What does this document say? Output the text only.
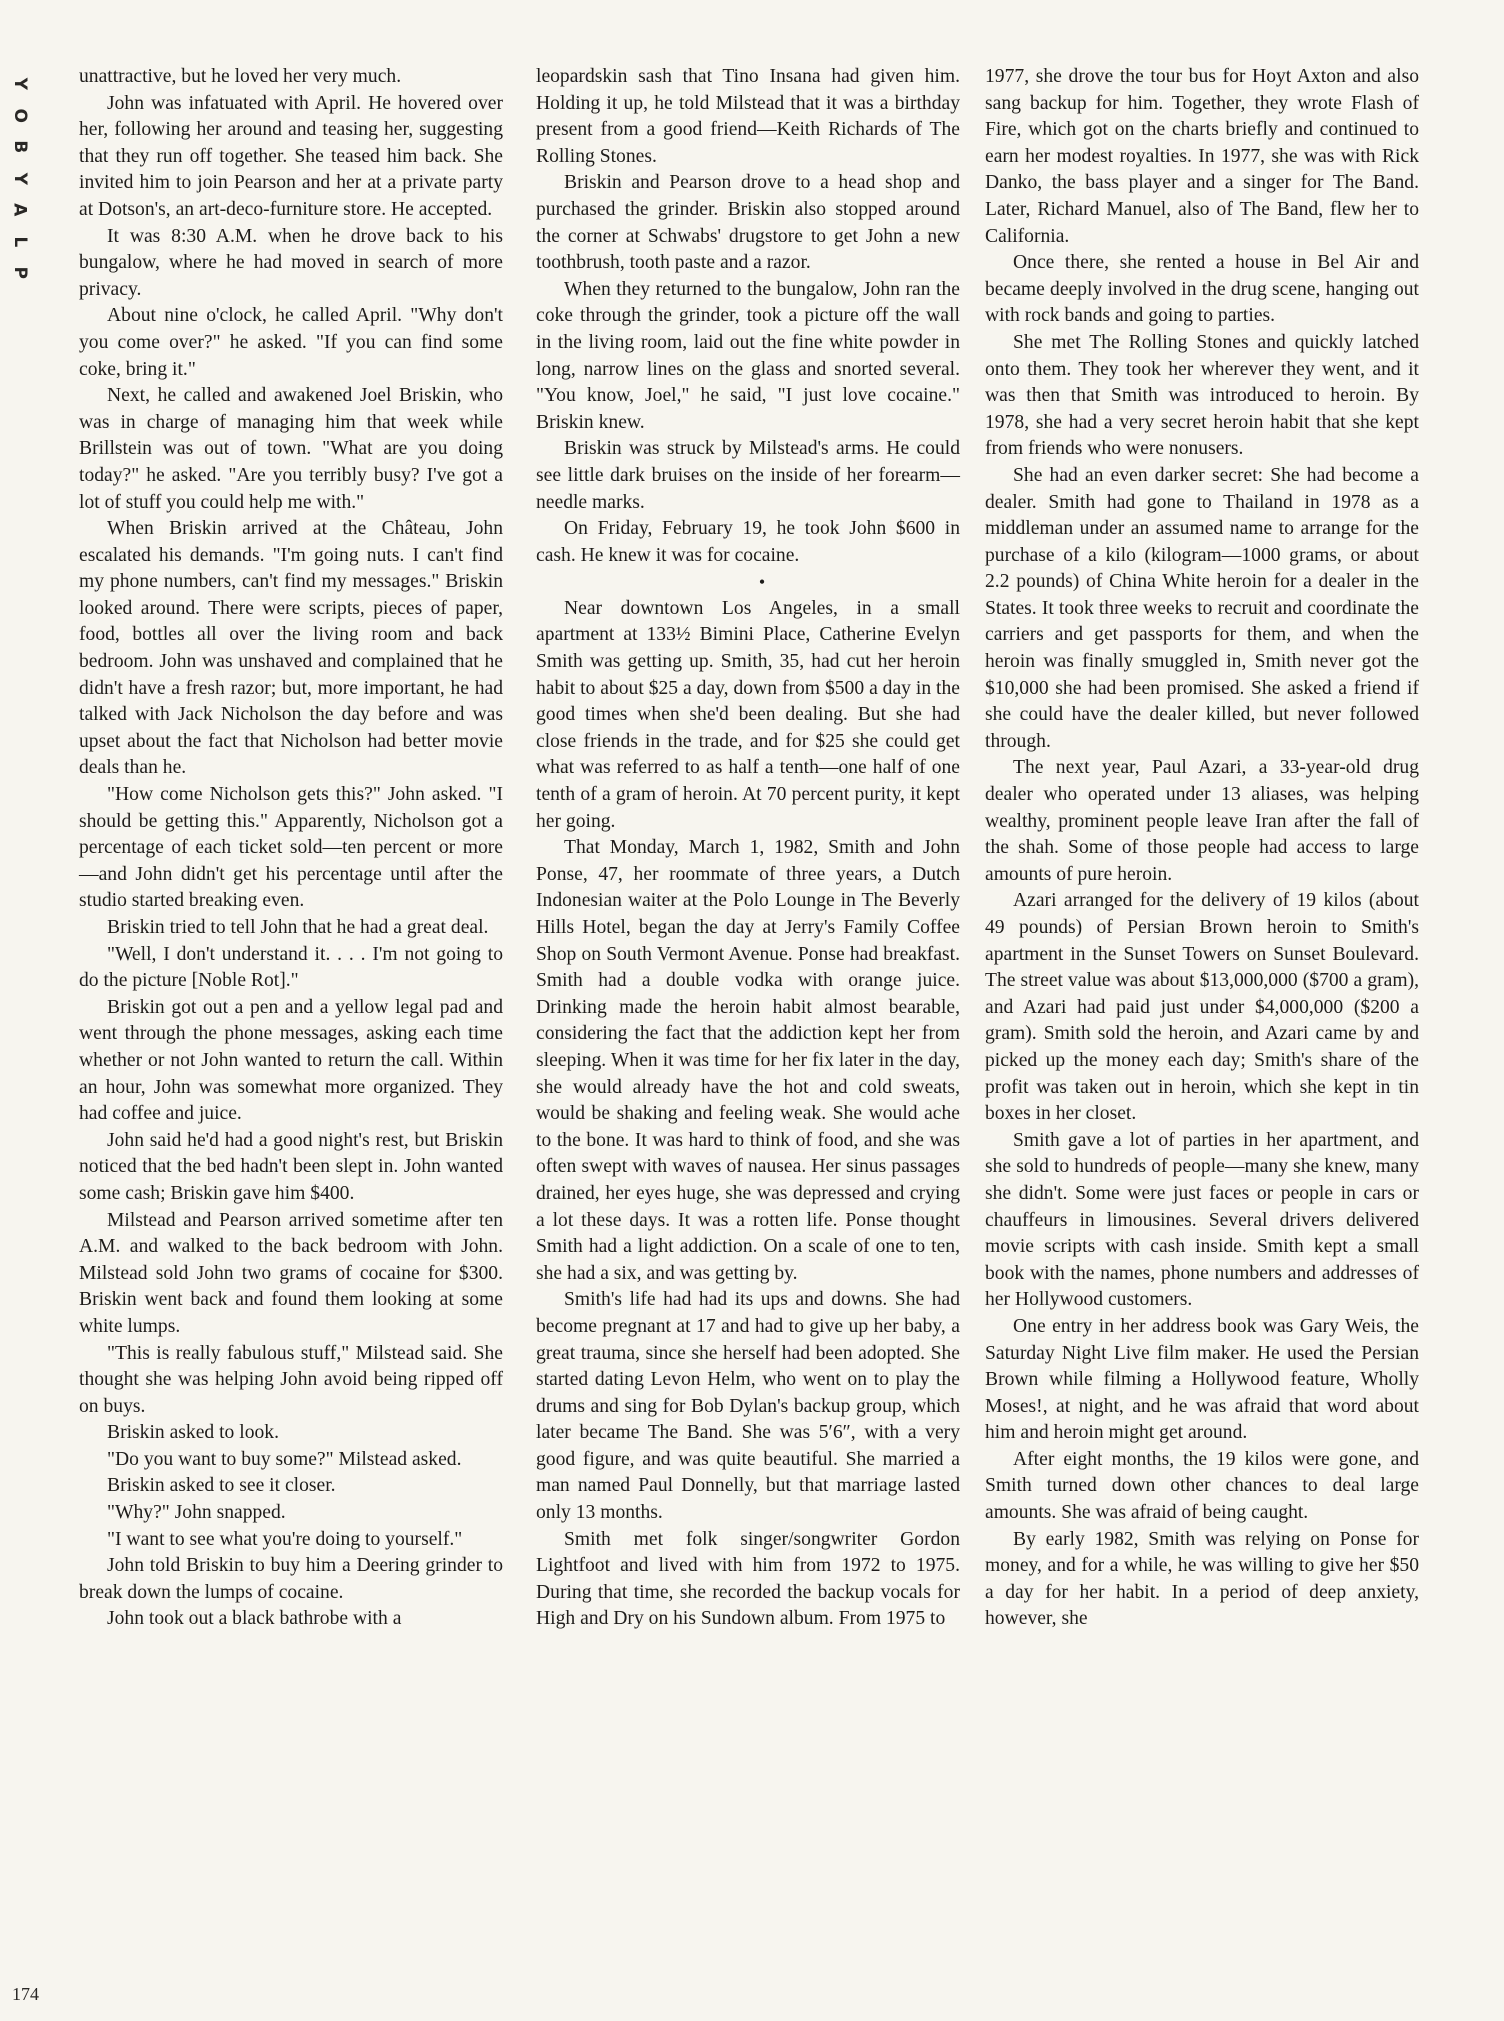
Y
O
B
Y
A
L
P

unattractive, but he loved her very much.

John was infatuated with April. He hovered over her, following her around and teasing her, suggesting that they run off together. She teased him back. She invited him to join Pearson and her at a private party at Dotson's, an art-deco-furniture store. He accepted.

It was 8:30 A.M. when he drove back to his bungalow, where he had moved in search of more privacy.

About nine o'clock, he called April. "Why don't you come over?" he asked. "If you can find some coke, bring it."

Next, he called and awakened Joel Briskin, who was in charge of managing him that week while Brillstein was out of town. "What are you doing today?" he asked. "Are you terribly busy? I've got a lot of stuff you could help me with."

When Briskin arrived at the Château, John escalated his demands. "I'm going nuts. I can't find my phone numbers, can't find my messages." Briskin looked around. There were scripts, pieces of paper, food, bottles all over the living room and back bedroom. John was unshaved and complained that he didn't have a fresh razor; but, more important, he had talked with Jack Nicholson the day before and was upset about the fact that Nicholson had better movie deals than he.

"How come Nicholson gets this?" John asked. "I should be getting this." Apparently, Nicholson got a percentage of each ticket sold—ten percent or more—and John didn't get his percentage until after the studio started breaking even.

Briskin tried to tell John that he had a great deal.

"Well, I don't understand it. . . . I'm not going to do the picture [Noble Rot]."

Briskin got out a pen and a yellow legal pad and went through the phone messages, asking each time whether or not John wanted to return the call. Within an hour, John was somewhat more organized. They had coffee and juice.

John said he'd had a good night's rest, but Briskin noticed that the bed hadn't been slept in. John wanted some cash; Briskin gave him $400.

Milstead and Pearson arrived sometime after ten A.M. and walked to the back bedroom with John. Milstead sold John two grams of cocaine for $300. Briskin went back and found them looking at some white lumps.

"This is really fabulous stuff," Milstead said. She thought she was helping John avoid being ripped off on buys.

Briskin asked to look.

"Do you want to buy some?" Milstead asked.

Briskin asked to see it closer.

"Why?" John snapped.

"I want to see what you're doing to yourself."

John told Briskin to buy him a Deering grinder to break down the lumps of cocaine.

John took out a black bathrobe with a

leopardskin sash that Tino Insana had given him. Holding it up, he told Milstead that it was a birthday present from a good friend—Keith Richards of The Rolling Stones.

Briskin and Pearson drove to a head shop and purchased the grinder. Briskin also stopped around the corner at Schwabs' drugstore to get John a new toothbrush, tooth paste and a razor.

When they returned to the bungalow, John ran the coke through the grinder, took a picture off the wall in the living room, laid out the fine white powder in long, narrow lines on the glass and snorted several. "You know, Joel," he said, "I just love cocaine." Briskin knew.

Briskin was struck by Milstead's arms. He could see little dark bruises on the inside of her forearm—needle marks.

On Friday, February 19, he took John $600 in cash. He knew it was for cocaine.

•

Near downtown Los Angeles, in a small apartment at 133½ Bimini Place, Catherine Evelyn Smith was getting up. Smith, 35, had cut her heroin habit to about $25 a day, down from $500 a day in the good times when she'd been dealing. But she had close friends in the trade, and for $25 she could get what was referred to as half a tenth—one half of one tenth of a gram of heroin. At 70 percent purity, it kept her going.

That Monday, March 1, 1982, Smith and John Ponse, 47, her roommate of three years, a Dutch Indonesian waiter at the Polo Lounge in The Beverly Hills Hotel, began the day at Jerry's Family Coffee Shop on South Vermont Avenue. Ponse had breakfast. Smith had a double vodka with orange juice. Drinking made the heroin habit almost bearable, considering the fact that the addiction kept her from sleeping. When it was time for her fix later in the day, she would already have the hot and cold sweats, would be shaking and feeling weak. She would ache to the bone. It was hard to think of food, and she was often swept with waves of nausea. Her sinus passages drained, her eyes huge, she was depressed and crying a lot these days. It was a rotten life. Ponse thought Smith had a light addiction. On a scale of one to ten, she had a six, and was getting by.

Smith's life had had its ups and downs. She had become pregnant at 17 and had to give up her baby, a great trauma, since she herself had been adopted. She started dating Levon Helm, who went on to play the drums and sing for Bob Dylan's backup group, which later became The Band. She was 5′6″, with a very good figure, and was quite beautiful. She married a man named Paul Donnelly, but that marriage lasted only 13 months.

Smith met folk singer/songwriter Gordon Lightfoot and lived with him from 1972 to 1975. During that time, she recorded the backup vocals for High and Dry on his Sundown album. From 1975 to

1977, she drove the tour bus for Hoyt Axton and also sang backup for him. Together, they wrote Flash of Fire, which got on the charts briefly and continued to earn her modest royalties. In 1977, she was with Rick Danko, the bass player and a singer for The Band. Later, Richard Manuel, also of The Band, flew her to California.

Once there, she rented a house in Bel Air and became deeply involved in the drug scene, hanging out with rock bands and going to parties.

She met The Rolling Stones and quickly latched onto them. They took her wherever they went, and it was then that Smith was introduced to heroin. By 1978, she had a very secret heroin habit that she kept from friends who were nonusers.

She had an even darker secret: She had become a dealer. Smith had gone to Thailand in 1978 as a middleman under an assumed name to arrange for the purchase of a kilo (kilogram—1000 grams, or about 2.2 pounds) of China White heroin for a dealer in the States. It took three weeks to recruit and coordinate the carriers and get passports for them, and when the heroin was finally smuggled in, Smith never got the $10,000 she had been promised. She asked a friend if she could have the dealer killed, but never followed through.

The next year, Paul Azari, a 33-year-old drug dealer who operated under 13 aliases, was helping wealthy, prominent people leave Iran after the fall of the shah. Some of those people had access to large amounts of pure heroin.

Azari arranged for the delivery of 19 kilos (about 49 pounds) of Persian Brown heroin to Smith's apartment in the Sunset Towers on Sunset Boulevard. The street value was about $13,000,000 ($700 a gram), and Azari had paid just under $4,000,000 ($200 a gram). Smith sold the heroin, and Azari came by and picked up the money each day; Smith's share of the profit was taken out in heroin, which she kept in tin boxes in her closet.

Smith gave a lot of parties in her apartment, and she sold to hundreds of people—many she knew, many she didn't. Some were just faces or people in cars or chauffeurs in limousines. Several drivers delivered movie scripts with cash inside. Smith kept a small book with the names, phone numbers and addresses of her Hollywood customers.

One entry in her address book was Gary Weis, the Saturday Night Live film maker. He used the Persian Brown while filming a Hollywood feature, Wholly Moses!, at night, and he was afraid that word about him and heroin might get around.

After eight months, the 19 kilos were gone, and Smith turned down other chances to deal large amounts. She was afraid of being caught.

By early 1982, Smith was relying on Ponse for money, and for a while, he was willing to give her $50 a day for her habit. In a period of deep anxiety, however, she

174
